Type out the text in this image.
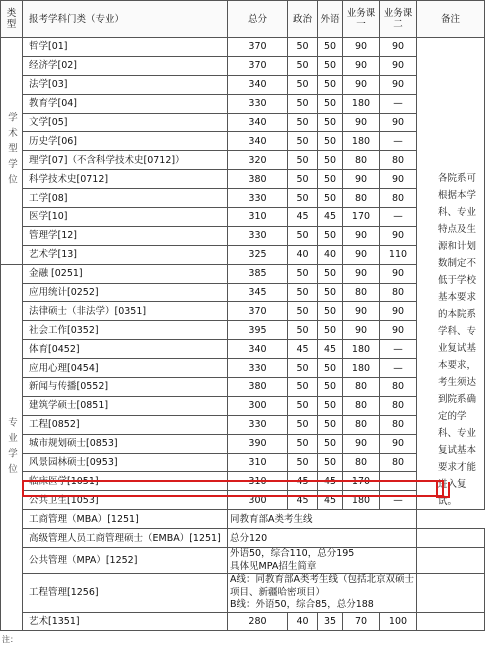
类型	报考学科门类（专业）	总分	政治	外语	业务课一	业务课二	备注
学术型学位	哲学[01]	370	50	50	90	90	
	经济学[02]	370	50	50	90	90	
	法学[03]	340	50	50	90	90	
	教育学[04]	330	50	50	180	—	
	文学[05]	340	50	50	90	90	
	历史学[06]	340	50	50	180	—	
	理学[07]（不含科学技术史[0712]）	320	50	50	80	80	
	科学技术史[0712]	380	50	50	90	90	
	工学[08]	330	50	50	80	80	
	医学[10]	310	45	45	170	—	
	管理学[12]	330	50	50	90	90	
	艺术学[13]	325	40	40	90	110	
专业学位	金融 [0251]	385	50	50	90	90	
	应用统计[0252]	345	50	50	80	80	
	法律硕士（非法学）[0351]	370	50	50	90	90	
	社会工作[0352]	395	50	50	90	90	
	体育[0452]	340	45	45	180	—	
	应用心理[0454]	330	50	50	180	—	
	新闻与传播[0552]	380	50	50	80	80	
	建筑学硕士[0851]	300	50	50	80	80	
	工程[0852]	330	50	50	80	80	
	城市规划硕士[0853]	390	50	50	90	90	
	风景园林硕士[0953]	310	50	50	80	80	
	临床医学[1051]	310	45	45	170	—	
	公共卫生[1053]	300	45	45	180	—	
	工商管理（MBA）[1251]	同教育部A类考生线					
	高级管理人员工商管理硕士（EMBA）[1251]	总分120					
	公共管理（MPA）[1252]	外语50，综合110，总分195
具体见MPA招生简章					

	工程管理[1256]	A线：同教育部A类考生线（包括北京双硕士项目、新疆哈密项目）
B线：外语50，综合85，总分188					

	艺术[1351]	280	40	35	70	100	
各院系可根据本学科、专业特点及生源和计划数制定不低于学校基本要求的本院系学科、专业复试基本要求，考生须达到院系确定的学科、专业复试基本要求才能进入复试。
注：
